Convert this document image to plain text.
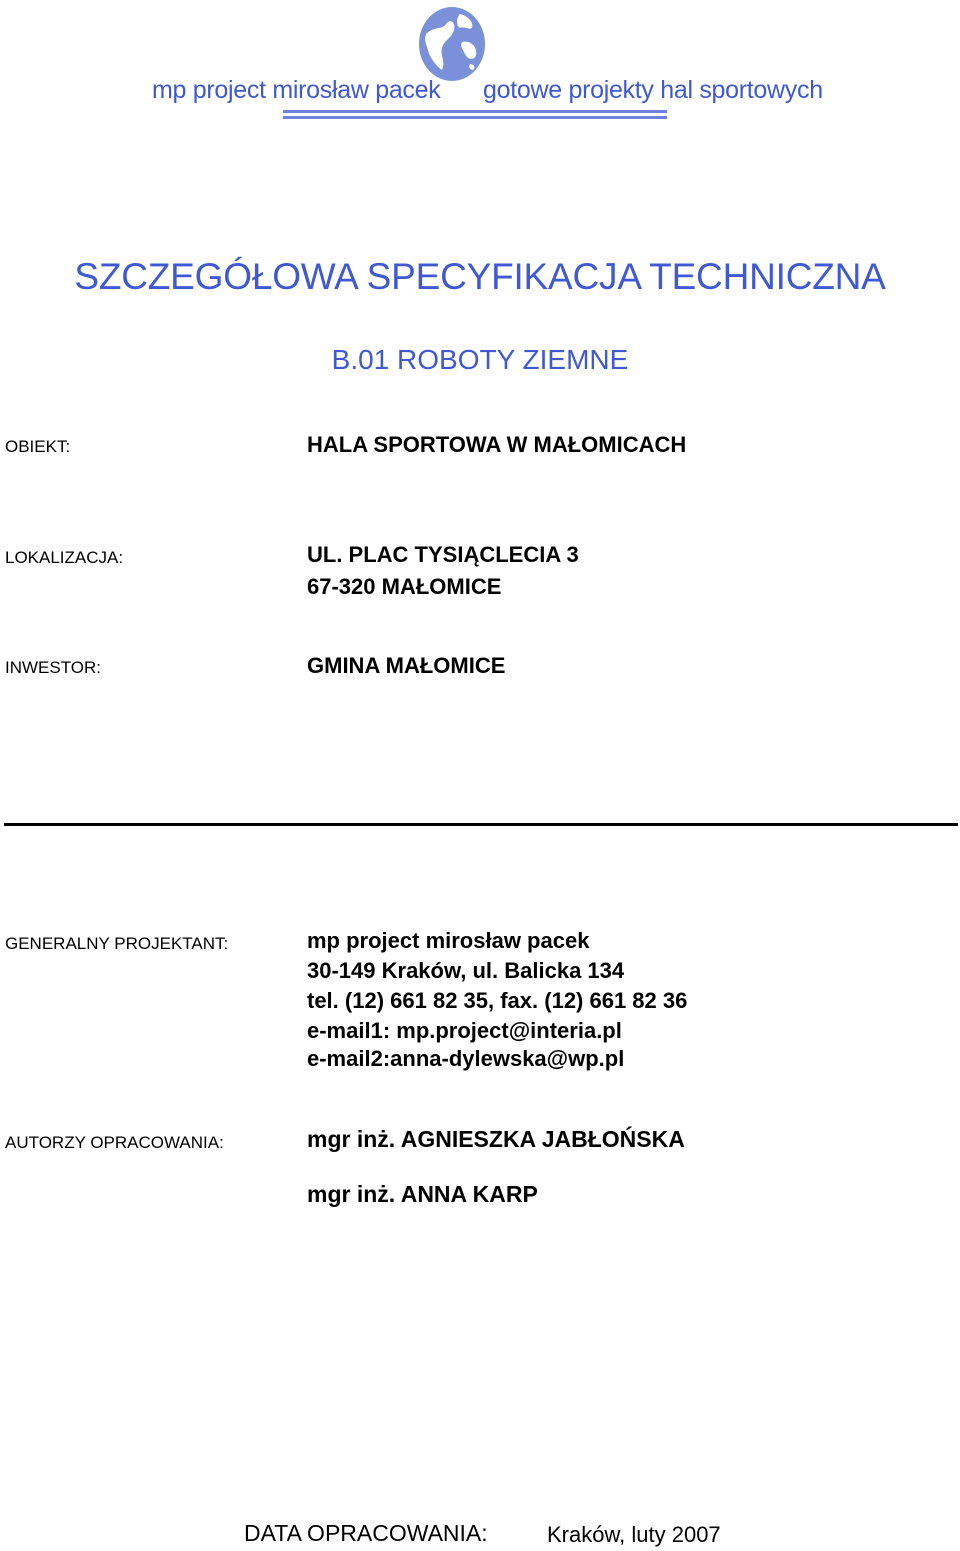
mp project mirosław pacek gotowe projekty hal sportowych
SZCZEGÓŁOWA SPECYFIKACJA TECHNICZNA
B.01 ROBOTY ZIEMNE
OBIEKT:	HALA SPORTOWA W MAŁOMICACH
LOKALIZACJA:	UL. PLAC TYSIĄCLECIA 3
67-320 MAŁOMICE
INWESTOR:	GMINA MAŁOMICE
GENERALNY PROJEKTANT:	mp project mirosław pacek
30-149 Kraków, ul. Balicka 134
tel. (12) 661 82 35, fax. (12) 661 82 36
e-mail1: mp.project@interia.pl
e-mail2:anna-dylewska@wp.pl
AUTORZY OPRACOWANIA:	mgr inż. AGNIESZKA JABŁOŃSKA
mgr inż. ANNA KARP
DATA OPRACOWANIA:	Kraków, luty 2007
